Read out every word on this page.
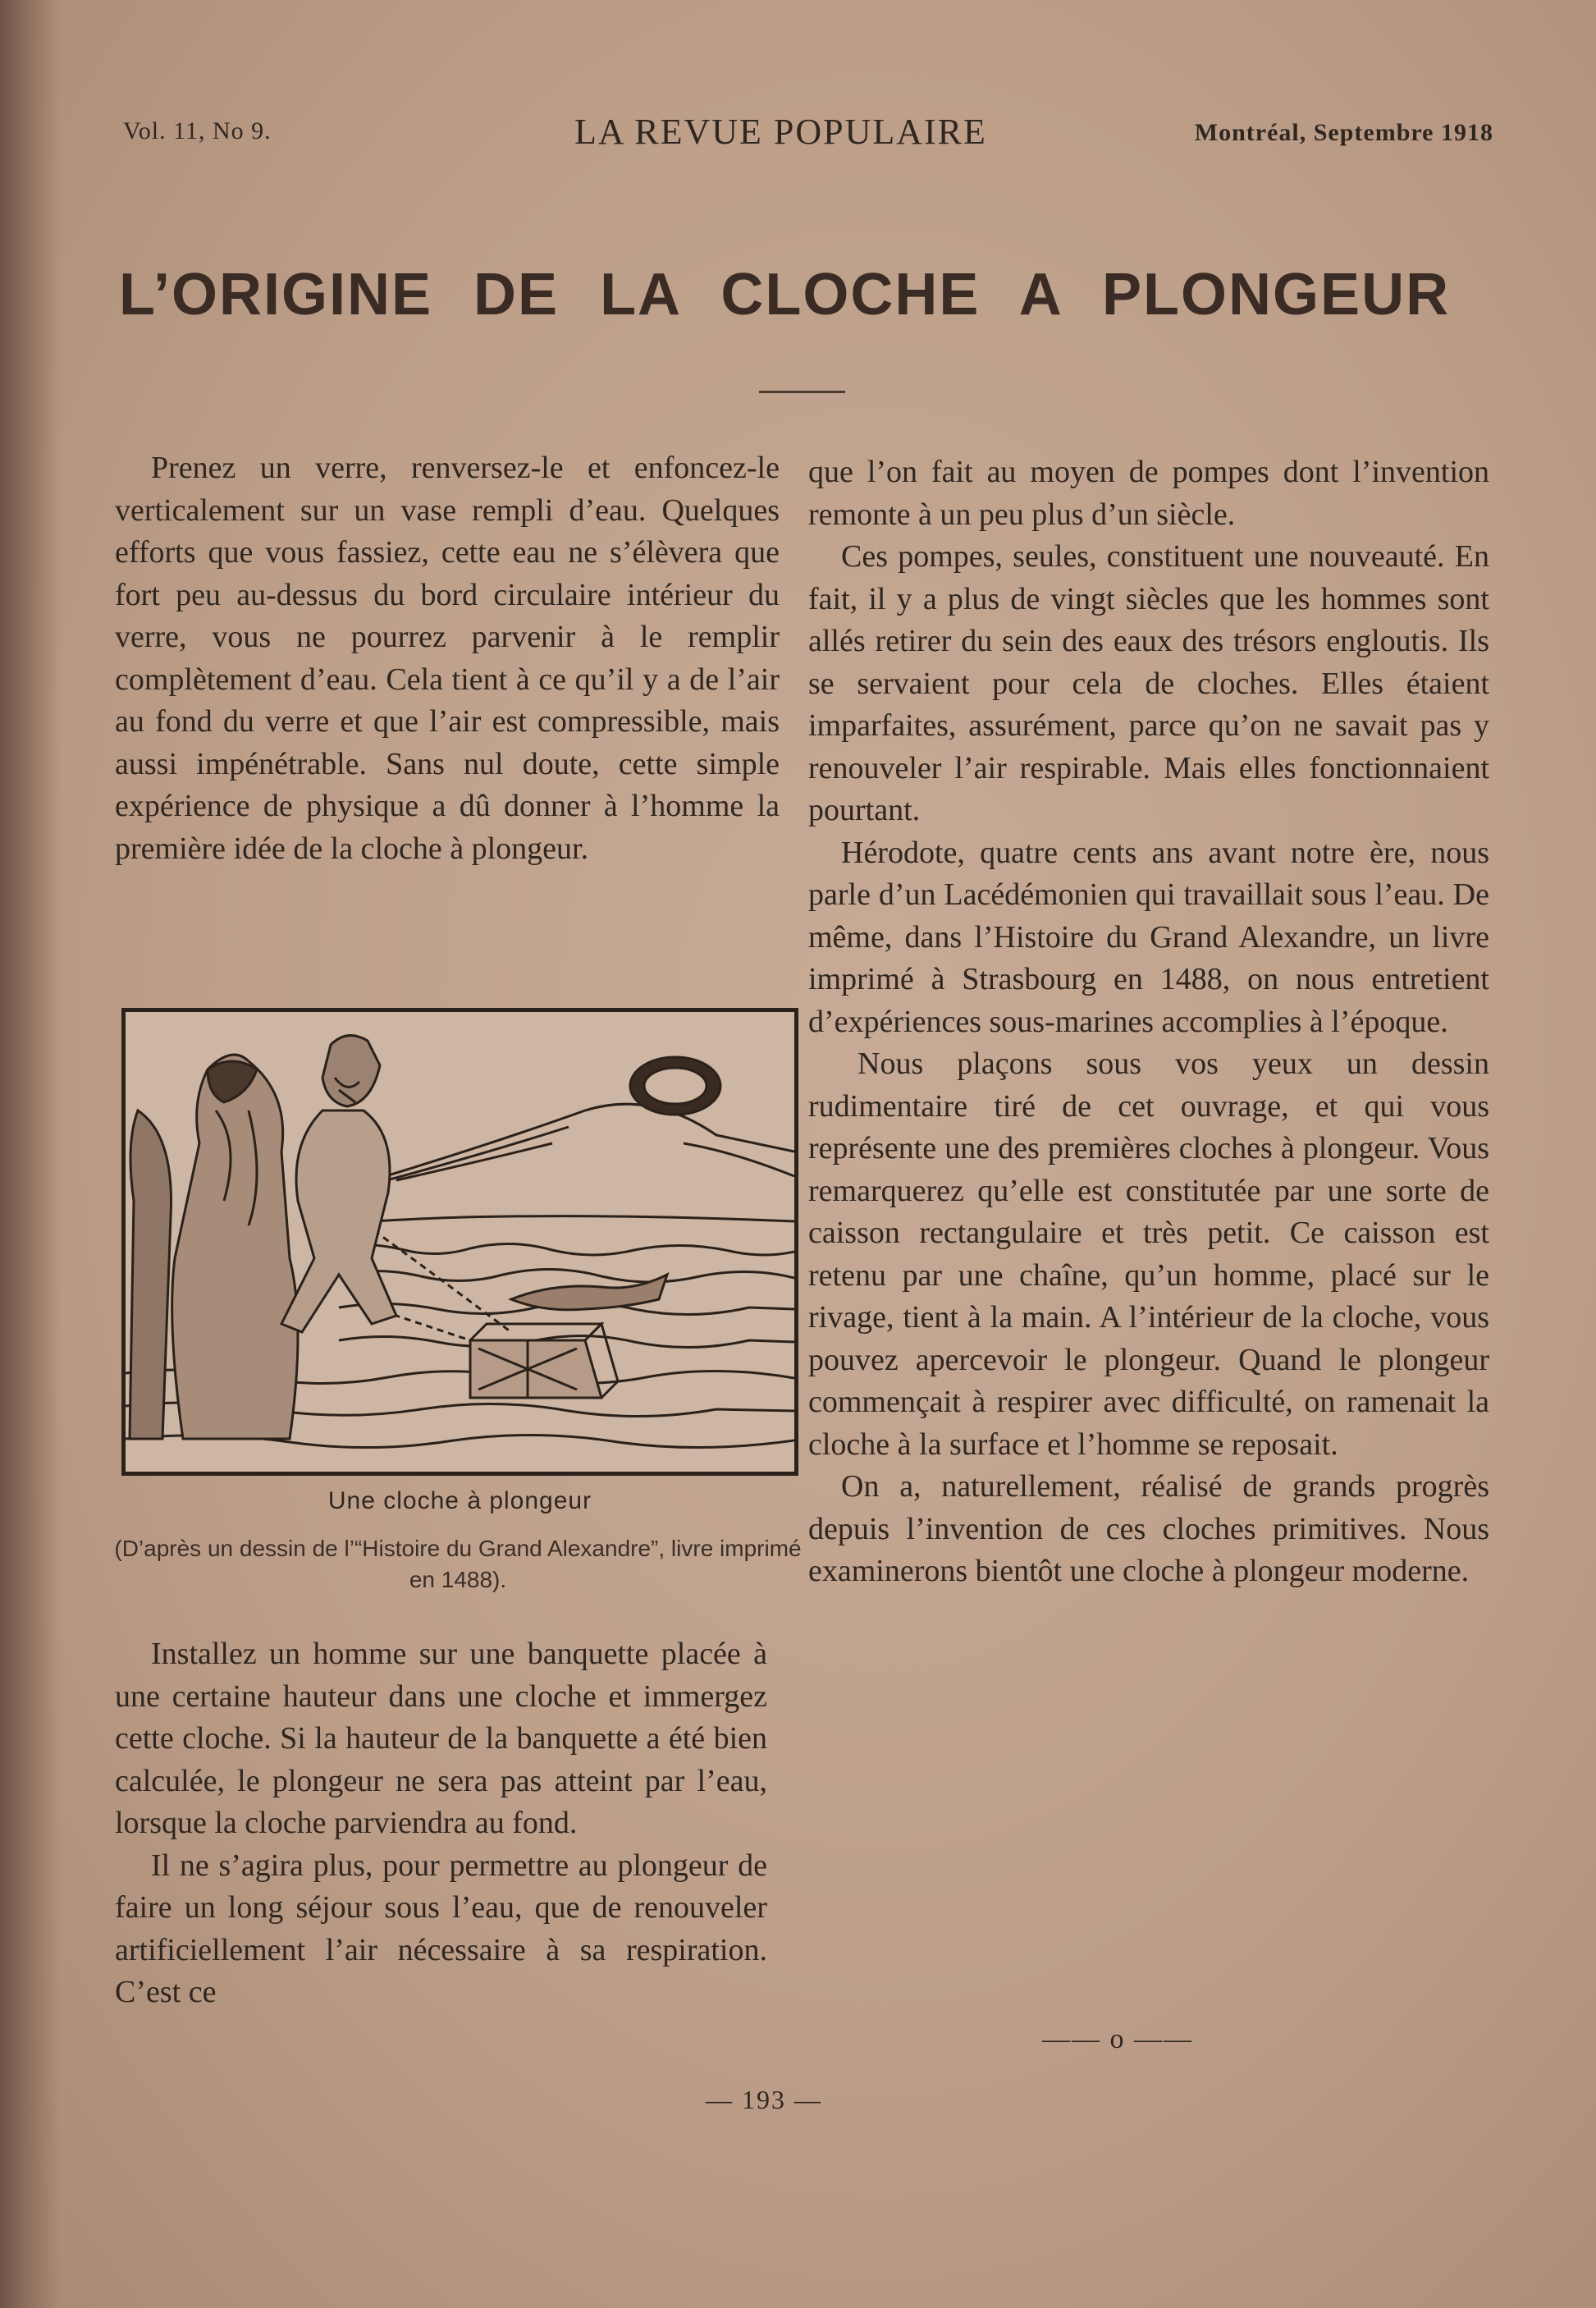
Vol. 11, No 9.	LA REVUE POPULAIRE	Montréal, Septembre 1918
L’ORIGINE DE LA CLOCHE A PLONGEUR

Prenez un verre, renversez-le et enfoncez-le verticalement sur un vase rempli d’eau. Quelques efforts que vous fassiez, cette eau ne s’élèvera que fort peu au-dessus du bord circulaire intérieur du verre, vous ne pourrez parvenir à le remplir complètement d’eau. Cela tient à ce qu’il y a de l’air au fond du verre et que l’air est compressible, mais aussi impénétrable. Sans nul doute, cette simple expérience de physique a dû donner à l’homme la première idée de la cloche à plongeur.

Une cloche à plongeur
(D’après un dessin de l’“Histoire du Grand Alexandre”, livre imprimé en 1488).

Installez un homme sur une banquette placée à une certaine hauteur dans une cloche et immergez cette cloche. Si la hauteur de la banquette a été bien calculée, le plongeur ne sera pas atteint par l’eau, lorsque la cloche parviendra au fond.

Il ne s’agira plus, pour permettre au plongeur de faire un long séjour sous l’eau, que de renouveler artificiellement l’air nécessaire à sa respiration. C’est ce

que l’on fait au moyen de pompes dont l’invention remonte à un peu plus d’un siècle.

Ces pompes, seules, constituent une nouveauté. En fait, il y a plus de vingt siècles que les hommes sont allés retirer du sein des eaux des trésors engloutis. Ils se servaient pour cela de cloches. Elles étaient imparfaites, assurément, parce qu’on ne savait pas y renouveler l’air respirable. Mais elles fonctionnaient pourtant.

Hérodote, quatre cents ans avant notre ère, nous parle d’un Lacédémonien qui travaillait sous l’eau. De même, dans l’Histoire du Grand Alexandre, un livre imprimé à Strasbourg en 1488, on nous entretient d’expériences sous-marines accomplies à l’époque.

Nous plaçons sous vos yeux un dessin rudimentaire tiré de cet ouvrage, et qui vous représente une des premières cloches à plongeur. Vous remarquerez qu’elle est constitutée par une sorte de caisson rectangulaire et très petit. Ce caisson est retenu par une chaîne, qu’un homme, placé sur le rivage, tient à la main. A l’intérieur de la cloche, vous pouvez apercevoir le plongeur. Quand le plongeur commençait à respirer avec difficulté, on ramenait la cloche à la surface et l’homme se reposait.

On a, naturellement, réalisé de grands progrès depuis l’invention de ces cloches primitives. Nous examinerons bientôt une cloche à plongeur moderne.

—— o ——
— 193 —
